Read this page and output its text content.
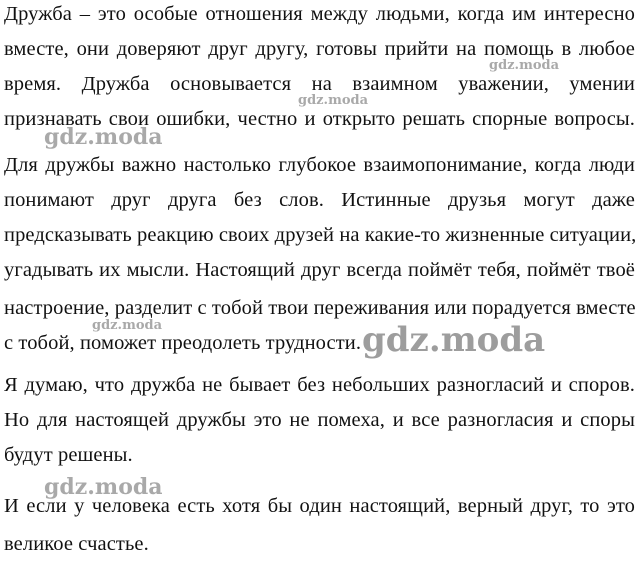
Дружба – это особые отношения между людьми, когда им интересно
вместе, они доверяют друг другу, готовы прийти на помощь в любое
время. Дружба основывается на взаимном уважении, умении
признавать свои ошибки, честно и открыто решать спорные вопросы.
Для дружбы важно настолько глубокое взаимопонимание, когда люди
понимают друг друга без слов. Истинные друзья могут даже
предсказывать реакцию своих друзей на какие-то жизненные ситуации,
угадывать их мысли. Настоящий друг всегда поймёт тебя, поймёт твоё
настроение, разделит с тобой твои переживания или порадуется вместе
с тобой, поможет преодолеть трудности.
Я думаю, что дружба не бывает без небольших разногласий и споров.
Но для настоящей дружбы это не помеха, и все разногласия и споры
будут решены.
И если у человека есть хотя бы один настоящий, верный друг, то это
великое счастье.
gdz.moda
gdz.moda
gdz.moda
gdz.moda	gdz.moda
gdz.moda
